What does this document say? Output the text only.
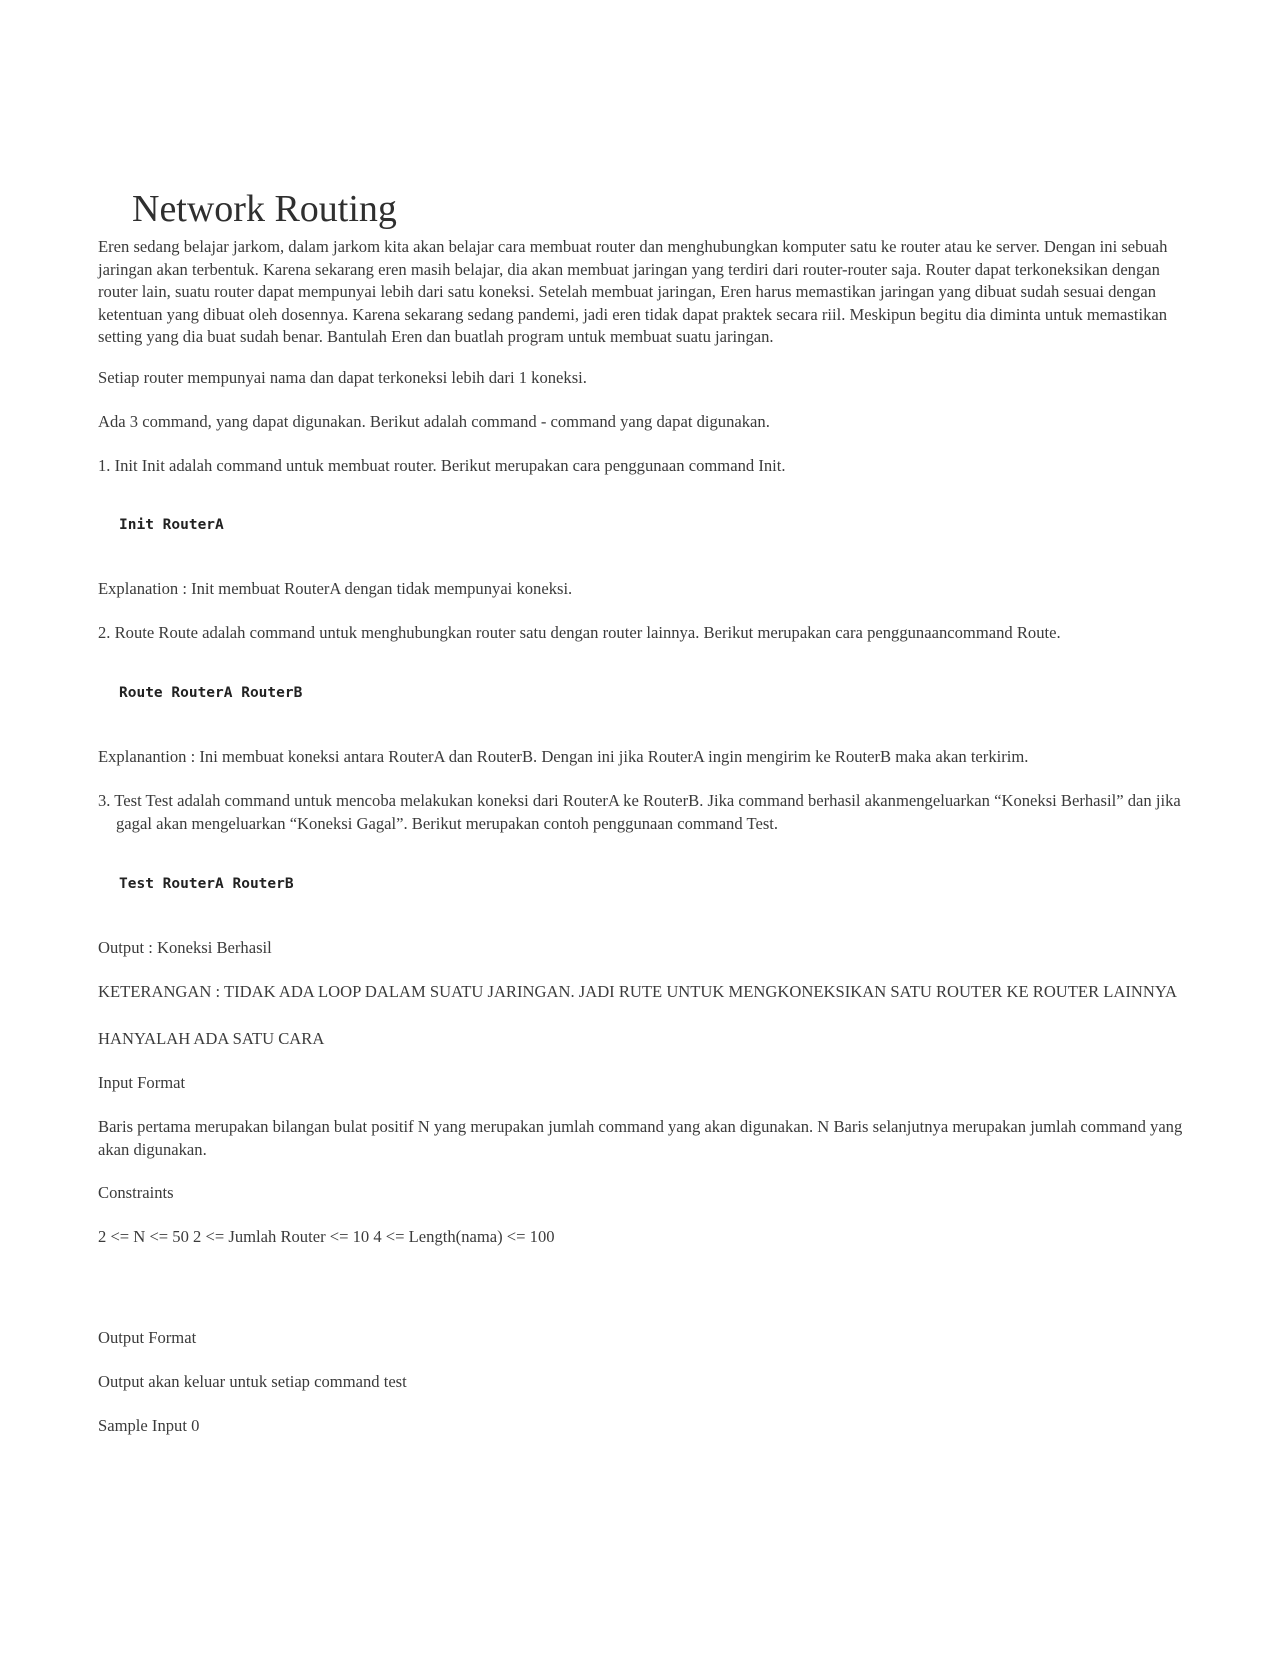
Network Routing

Eren sedang belajar jarkom, dalam jarkom kita akan belajar cara membuat router dan menghubungkan komputer satu ke router atau ke server. Dengan ini sebuah jaringan akan terbentuk. Karena sekarang eren masih belajar, dia akan membuat jaringan yang terdiri dari router-router saja. Router dapat terkoneksikan dengan router lain, suatu router dapat mempunyai lebih dari satu koneksi. Setelah membuat jaringan, Eren harus memastikan jaringan yang dibuat sudah sesuai dengan ketentuan yang dibuat oleh dosennya. Karena sekarang sedang pandemi, jadi eren tidak dapat praktek secara riil. Meskipun begitu dia diminta untuk memastikan setting yang dia buat sudah benar. Bantulah Eren dan buatlah program untuk membuat suatu jaringan.

Setiap router mempunyai nama dan dapat terkoneksi lebih dari 1 koneksi.

Ada 3 command, yang dapat digunakan. Berikut adalah command - command yang dapat digunakan.

1. Init Init adalah command untuk membuat router. Berikut merupakan cara penggunaan command Init.

Init RouterA

Explanation : Init membuat RouterA dengan tidak mempunyai koneksi.

2. Route Route adalah command untuk menghubungkan router satu dengan router lainnya. Berikut merupakan cara penggunaancommand Route.

Route RouterA RouterB

Explanantion : Ini membuat koneksi antara RouterA dan RouterB. Dengan ini jika RouterA ingin mengirim ke RouterB maka akan terkirim.

3. Test Test adalah command untuk mencoba melakukan koneksi dari RouterA ke RouterB. Jika command berhasil akanmengeluarkan “Koneksi Berhasil” dan jika gagal akan mengeluarkan “Koneksi Gagal”. Berikut merupakan contoh penggunaan command Test.

Test RouterA RouterB

Output : Koneksi Berhasil

KETERANGAN : TIDAK ADA LOOP DALAM SUATU JARINGAN. JADI RUTE UNTUK MENGKONEKSIKAN SATU ROUTER KE ROUTER LAINNYA

HANYALAH ADA SATU CARA

Input Format

Baris pertama merupakan bilangan bulat positif N yang merupakan jumlah command yang akan digunakan. N Baris selanjutnya merupakan jumlah command yang akan digunakan.

Constraints

2 <= N <= 50 2 <= Jumlah Router <= 10 4 <= Length(nama) <= 100

Output Format

Output akan keluar untuk setiap command test

Sample Input 0
